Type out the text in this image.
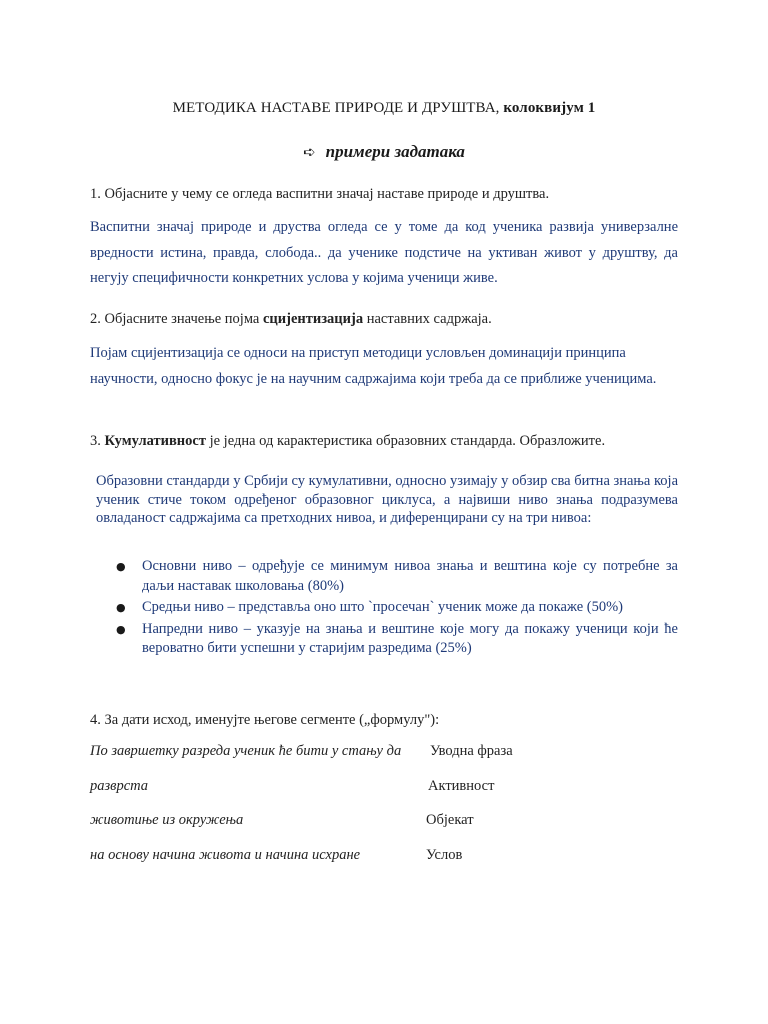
МЕТОДИКА НАСТАВЕ ПРИРОДЕ И ДРУШТВА, колоквијум 1
➪ примери задатака
1. Објасните у чему се огледа васпитни значај наставе природе и друштва.
Васпитни значај природе и друства огледа се у томе да код ученика развија универзалне вредности истина, правда, слобода.. да ученике подстиче на уктиван живот у друштву, да негују специфичности конкретних услова у којима ученици живе.
2. Објасните значење појма сцијентизација наставних садржаја.
Појам сцијентизација се односи на приступ методици условљен доминацији принципа научности, односно фокус је на научним садржајима који треба да се приближе ученицима.
3. Кумулативност је једна од карактеристика образовних стандарда. Образложите.
Образовни стандарди у Србији су кумулативни, односно узимају у обзир сва битна знања која ученик стиче током одређеног образовног циклуса, а највиши ниво знања подразумева овладаност садржајима са претходних нивоа, и диференцирани су на три нивоа:
● Основни ниво – одређује се минимум нивоа знања и вештина које су потребне за даљи наставак школовања (80%)
● Средњи ниво – представља оно што `просечан` ученик може да покаже (50%)
● Напредни ниво – указује на знања и вештине које могу да покажу ученици који ће вероватно бити успешни у старијим разредима (25%)
4. За дати исход, именујте његове сегменте („формулу"):
По завршетку разреда ученик ће бити у стању да Уводна фраза
разврста	Активност
животиње из окружења	Објекат
на основу начина живота и начина исхране	Услов
